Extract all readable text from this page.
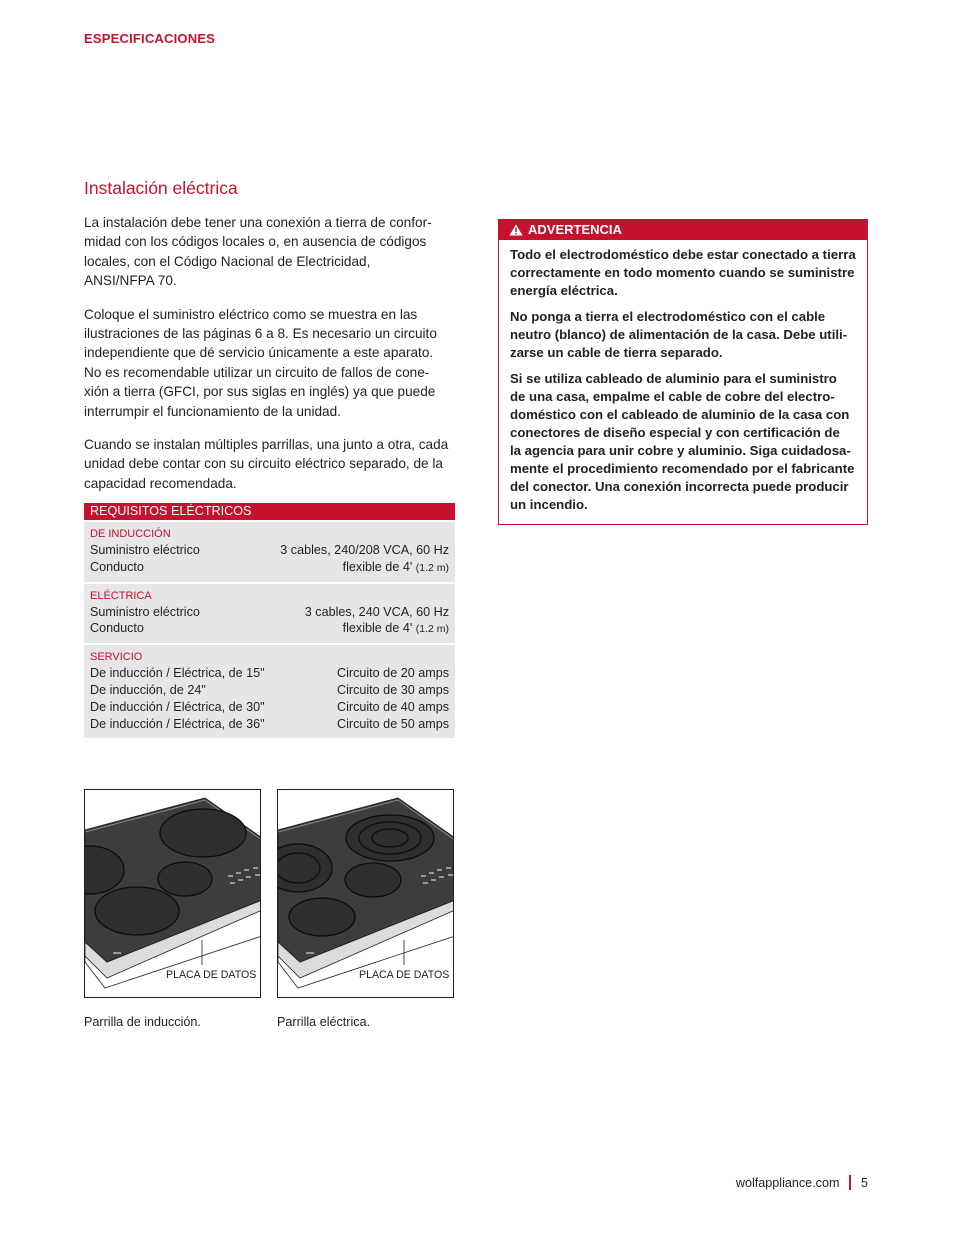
ESPECIFICACIONES
Instalación eléctrica

La instalación debe tener una conexión a tierra de confor-
midad con los códigos locales o, en ausencia de códigos
locales, con el Código Nacional de Electricidad,
ANSI/NFPA 70.

Coloque el suministro eléctrico como se muestra en las
ilustraciones de las páginas 6 a 8. Es necesario un circuito
independiente que dé servicio únicamente a este aparato.
No es recomendable utilizar un circuito de fallos de cone-
xión a tierra (GFCI, por sus siglas en inglés) ya que puede
interrumpir el funcionamiento de la unidad.

Cuando se instalan múltiples parrillas, una junto a otra, cada
unidad debe contar con su circuito eléctrico separado, de la
capacidad recomendada.

REQUISITOS ELÉCTRICOS
DE INDUCCIÓN
Suministro eléctrico	3 cables, 240/208 VCA, 60 Hz
Conducto	flexible de 4' (1.2 m)
ELÉCTRICA
Suministro eléctrico	3 cables, 240 VCA, 60 Hz
Conducto	flexible de 4' (1.2 m)
SERVICIO
De inducción / Eléctrica, de 15"	Circuito de 20 amps
De inducción, de 24"	Circuito de 30 amps
De inducción / Eléctrica, de 30"	Circuito de 40 amps
De inducción / Eléctrica, de 36"	Circuito de 50 amps
ADVERTENCIA

Todo el electrodoméstico debe estar conectado a tierra
correctamente en todo momento cuando se suministre
energía eléctrica.

No ponga a tierra el electrodoméstico con el cable
neutro (blanco) de alimentación de la casa. Debe utili-
zarse un cable de tierra separado.

Si se utiliza cableado de aluminio para el suministro
de una casa, empalme el cable de cobre del electro-
doméstico con el cableado de aluminio de la casa con
conectores de diseño especial y con certificación de
la agencia para unir cobre y aluminio. Siga cuidadosa-
mente el procedimiento recomendado por el fabricante
del conector. Una conexión incorrecta puede producir
un incendio.

PLACA DE DATOS
Parrilla de inducción.
PLACA DE DATOS
Parrilla eléctrica.
wolfappliance.com 5
